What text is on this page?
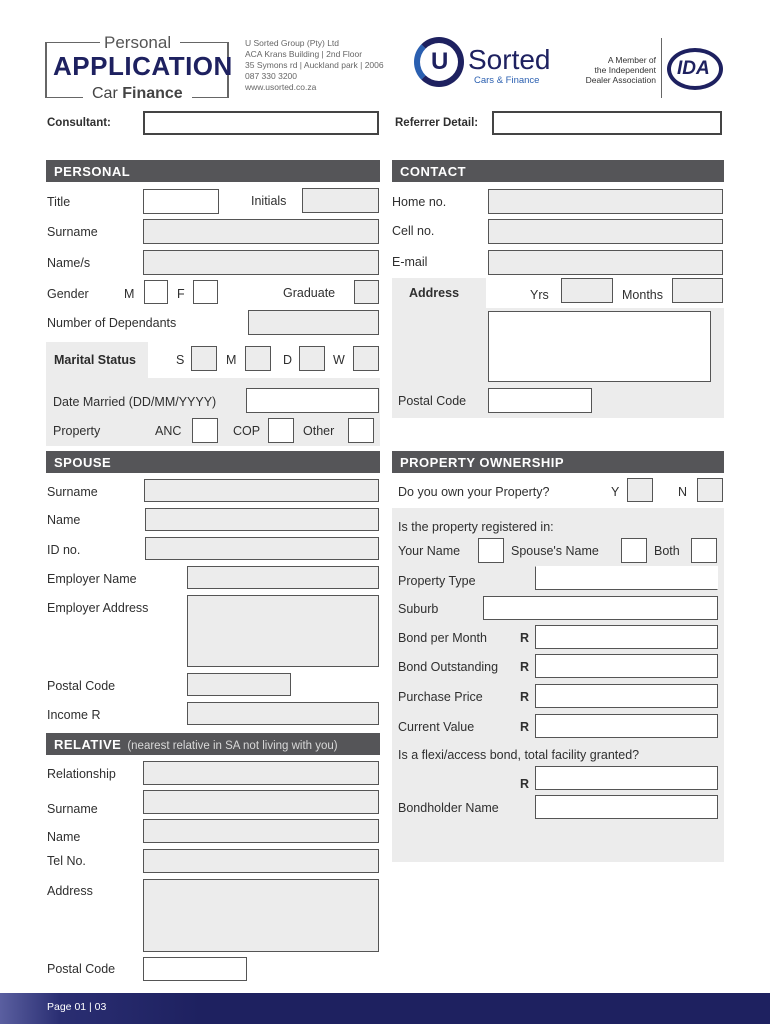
Personal
APPLICATION
Car Finance
U Sorted Group (Pty) Ltd
ACA Krans Building | 2nd Floor
35 Symons rd | Auckland park | 2006
087 330 3200
www.usorted.co.za
U Sorted
Cars & Finance
A Member of
the Independent
Dealer Association
IDA
Consultant:	Referrer Detail:
PERSONAL
Title	Initials
Surname
Name/s
Gender	M	F	Graduate
Number of Dependants
Marital Status	S	M	D	W
Date Married (DD/MM/YYYY)
Property	ANC	COP	Other
CONTACT
Home no.
Cell no.
E-mail
Address	Yrs	Months
Postal Code
SPOUSE
Surname
Name
ID no.
Employer Name
Employer Address
Postal Code
Income R
RELATIVE (nearest relative in SA not living with you)
Relationship
Surname
Name
Tel No.
Address
Postal Code
PROPERTY OWNERSHIP
Do you own your Property?	Y	N
Is the property registered in:
Your Name	Spouse's Name	Both
Property Type
Suburb
Bond per Month	R
Bond Outstanding R
Purchase Price	R
Current Value	R
Is a flexi/access bond, total facility granted?
R
Bondholder Name
Page 01 | 03
